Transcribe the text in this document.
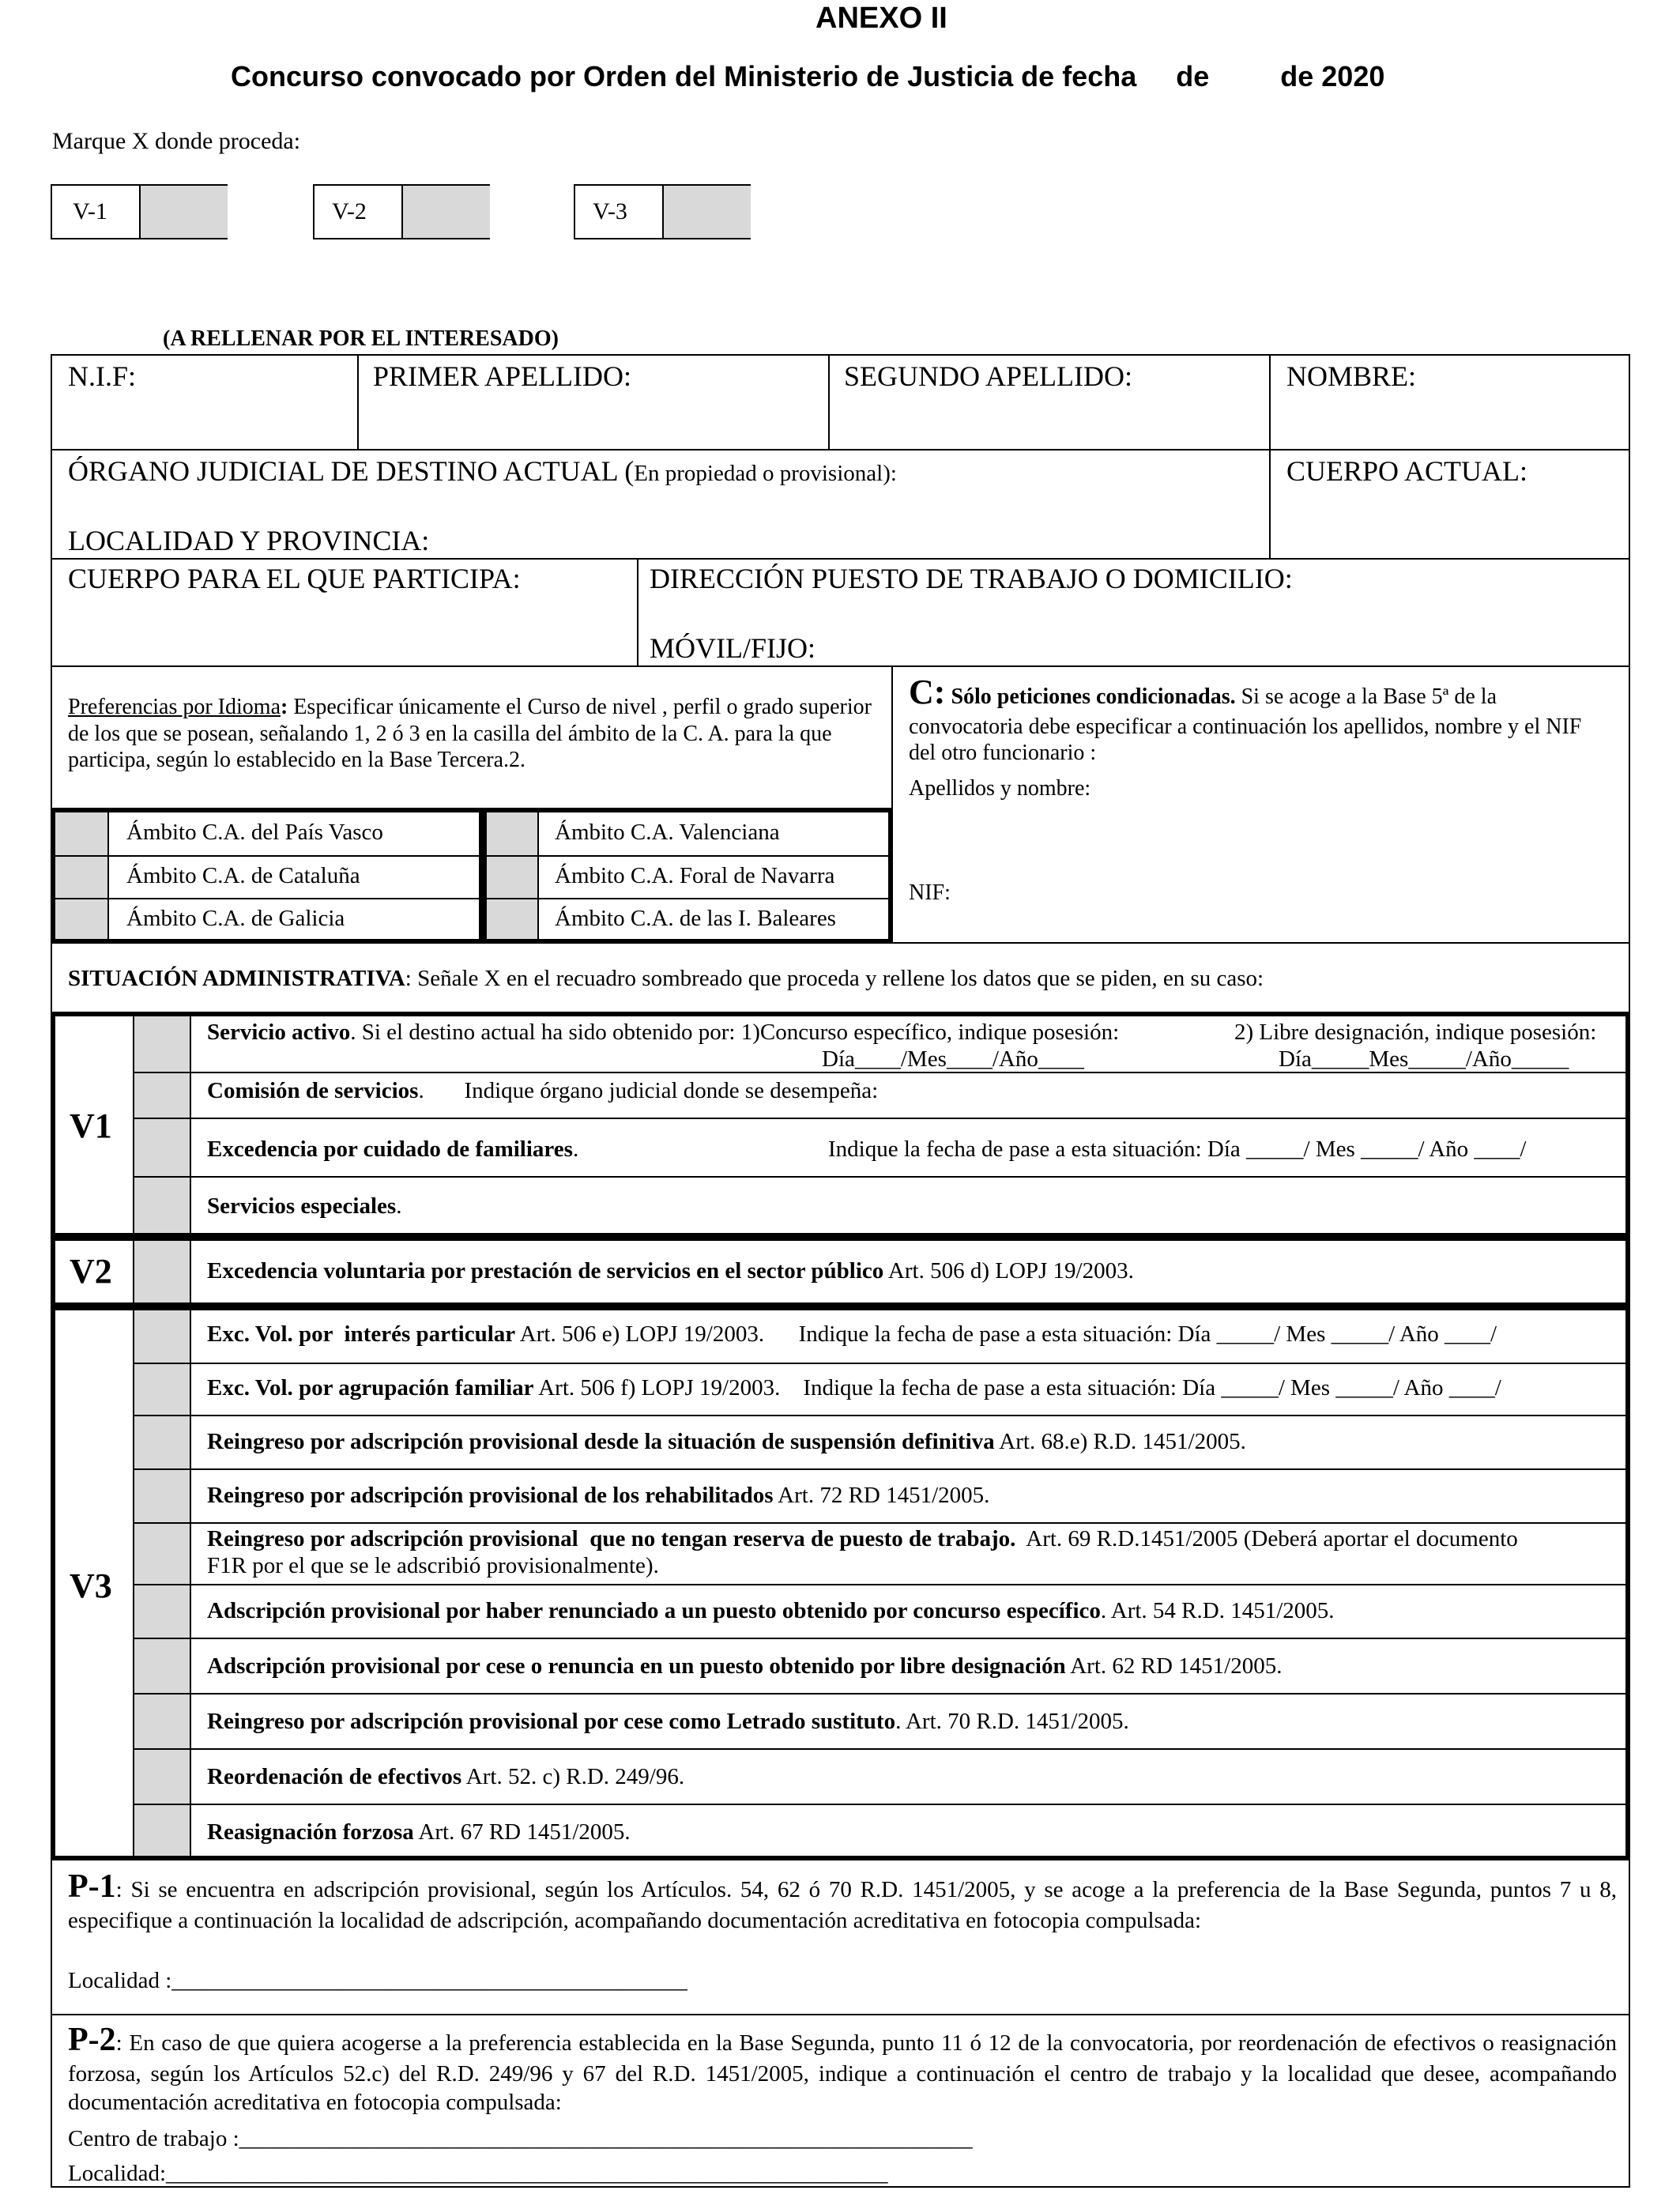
ANEXO II
Concurso convocado por Orden del Ministerio de Justicia de fecha     de         de 2020
Marque X donde proceda:
V-1	V-2	V-3
(A RELLENAR POR EL INTERESADO)
N.I.F:	PRIMER APELLIDO:	SEGUNDO APELLIDO:	NOMBRE:
ÓRGANO JUDICIAL DE DESTINO ACTUAL (En propiedad o provisional):	CUERPO ACTUAL:
LOCALIDAD Y PROVINCIA:
CUERPO PARA EL QUE PARTICIPA:	DIRECCIÓN PUESTO DE TRABAJO O DOMICILIO:
MÓVIL/FIJO:
Preferencias por Idioma: Especificar únicamente el Curso de nivel , perfil o grado superior de los que se posean, señalando 1, 2 ó 3 en la casilla del ámbito de la C. A. para la que participa, según lo establecido en la Base Tercera.2.
C: Sólo peticiones condicionadas. Si se acoge a la Base 5ª de la convocatoria debe especificar a continuación los apellidos, nombre y el NIF del otro funcionario :
Apellidos y nombre:
NIF:
Ámbito C.A. del País Vasco
Ámbito C.A. de Cataluña
Ámbito C.A. de Galicia
Ámbito C.A. Valenciana
Ámbito C.A. Foral de Navarra
Ámbito C.A. de las I. Baleares
SITUACIÓN ADMINISTRATIVA: Señale X en el recuadro sombreado que proceda y rellene los datos que se piden, en su caso:
V1
Servicio activo. Si el destino actual ha sido obtenido por: 1)Concurso específico, indique posesión:	2) Libre designación, indique posesión:
Día____/Mes____/Año____	Día_____Mes_____/Año_____
Comisión de servicios.       Indique órgano judicial donde se desempeña:
Excedencia por cuidado de familiares.	Indique la fecha de pase a esta situación: Día _____/ Mes _____/ Año ____/
Servicios especiales.
V2	Excedencia voluntaria por prestación de servicios en el sector público Art. 506 d) LOPJ 19/2003.
V3
Exc. Vol. por  interés particular Art. 506 e) LOPJ 19/2003.      Indique la fecha de pase a esta situación: Día _____/ Mes _____/ Año ____/
Exc. Vol. por agrupación familiar Art. 506 f) LOPJ 19/2003.    Indique la fecha de pase a esta situación: Día _____/ Mes _____/ Año ____/
Reingreso por adscripción provisional desde la situación de suspensión definitiva Art. 68.e) R.D. 1451/2005.
Reingreso por adscripción provisional de los rehabilitados Art. 72 RD 1451/2005.
Reingreso por adscripción provisional  que no tengan reserva de puesto de trabajo.  Art. 69 R.D.1451/2005 (Deberá aportar el documento F1R por el que se le adscribió provisionalmente).
Adscripción provisional por haber renunciado a un puesto obtenido por concurso específico. Art. 54 R.D. 1451/2005.
Adscripción provisional por cese o renuncia en un puesto obtenido por libre designación Art. 62 RD 1451/2005.
Reingreso por adscripción provisional por cese como Letrado sustituto. Art. 70 R.D. 1451/2005.
Reordenación de efectivos Art. 52. c) R.D. 249/96.
Reasignación forzosa Art. 67 RD 1451/2005.
P-1: Si se encuentra en adscripción provisional, según los Artículos. 54, 62 ó 70 R.D. 1451/2005, y se acoge a la preferencia de la Base Segunda, puntos 7 u 8, especifique a continuación la localidad de adscripción, acompañando documentación acreditativa en fotocopia compulsada:
Localidad :_____________________________________________
P-2: En caso de que quiera acogerse a la preferencia establecida en la Base Segunda, punto 11 ó 12 de la convocatoria, por reordenación de efectivos o reasignación forzosa, según los Artículos 52.c) del R.D. 249/96 y 67 del R.D. 1451/2005, indique a continuación el centro de trabajo y la localidad que desee, acompañando documentación acreditativa en fotocopia compulsada:
Centro de trabajo :________________________________________________________________
Localidad:_______________________________________________________________
